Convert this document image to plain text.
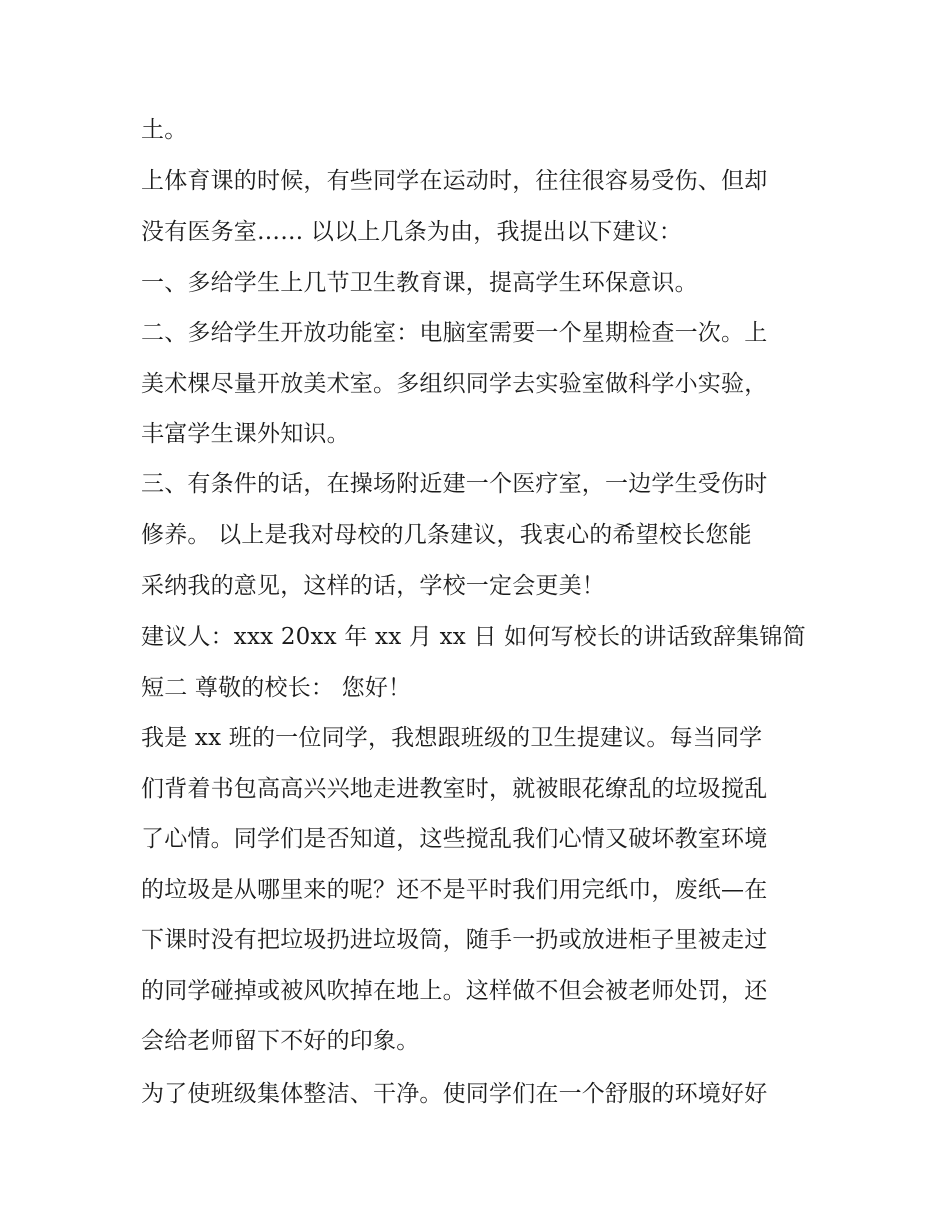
土。
上体育课的时候，有些同学在运动时，往往很容易受伤、但却
没有医务室…… 以以上几条为由，我提出以下建议：
一、多给学生上几节卫生教育课，提高学生环保意识。
二、多给学生开放功能室：电脑室需要一个星期检查一次。上
美术棵尽量开放美术室。多组织同学去实验室做科学小实验，
丰富学生课外知识。
三、有条件的话，在操场附近建一个医疗室，一边学生受伤时
修养。 以上是我对母校的几条建议，我衷心的希望校长您能
采纳我的意见，这样的话，学校一定会更美！
建议人：xxx 20xx 年 xx 月 xx 日 如何写校长的讲话致辞集锦简
短二 尊敬的校长： 您好！
我是 xx 班的一位同学，我想跟班级的卫生提建议。每当同学
们背着书包高高兴兴地走进教室时，就被眼花缭乱的垃圾搅乱
了心情。同学们是否知道，这些搅乱我们心情又破坏教室环境
的垃圾是从哪里来的呢？还不是平时我们用完纸巾，废纸—在
下课时没有把垃圾扔进垃圾筒，随手一扔或放进柜子里被走过
的同学碰掉或被风吹掉在地上。这样做不但会被老师处罚，还
会给老师留下不好的印象。
为了使班级集体整洁、干净。使同学们在一个舒服的环境好好
